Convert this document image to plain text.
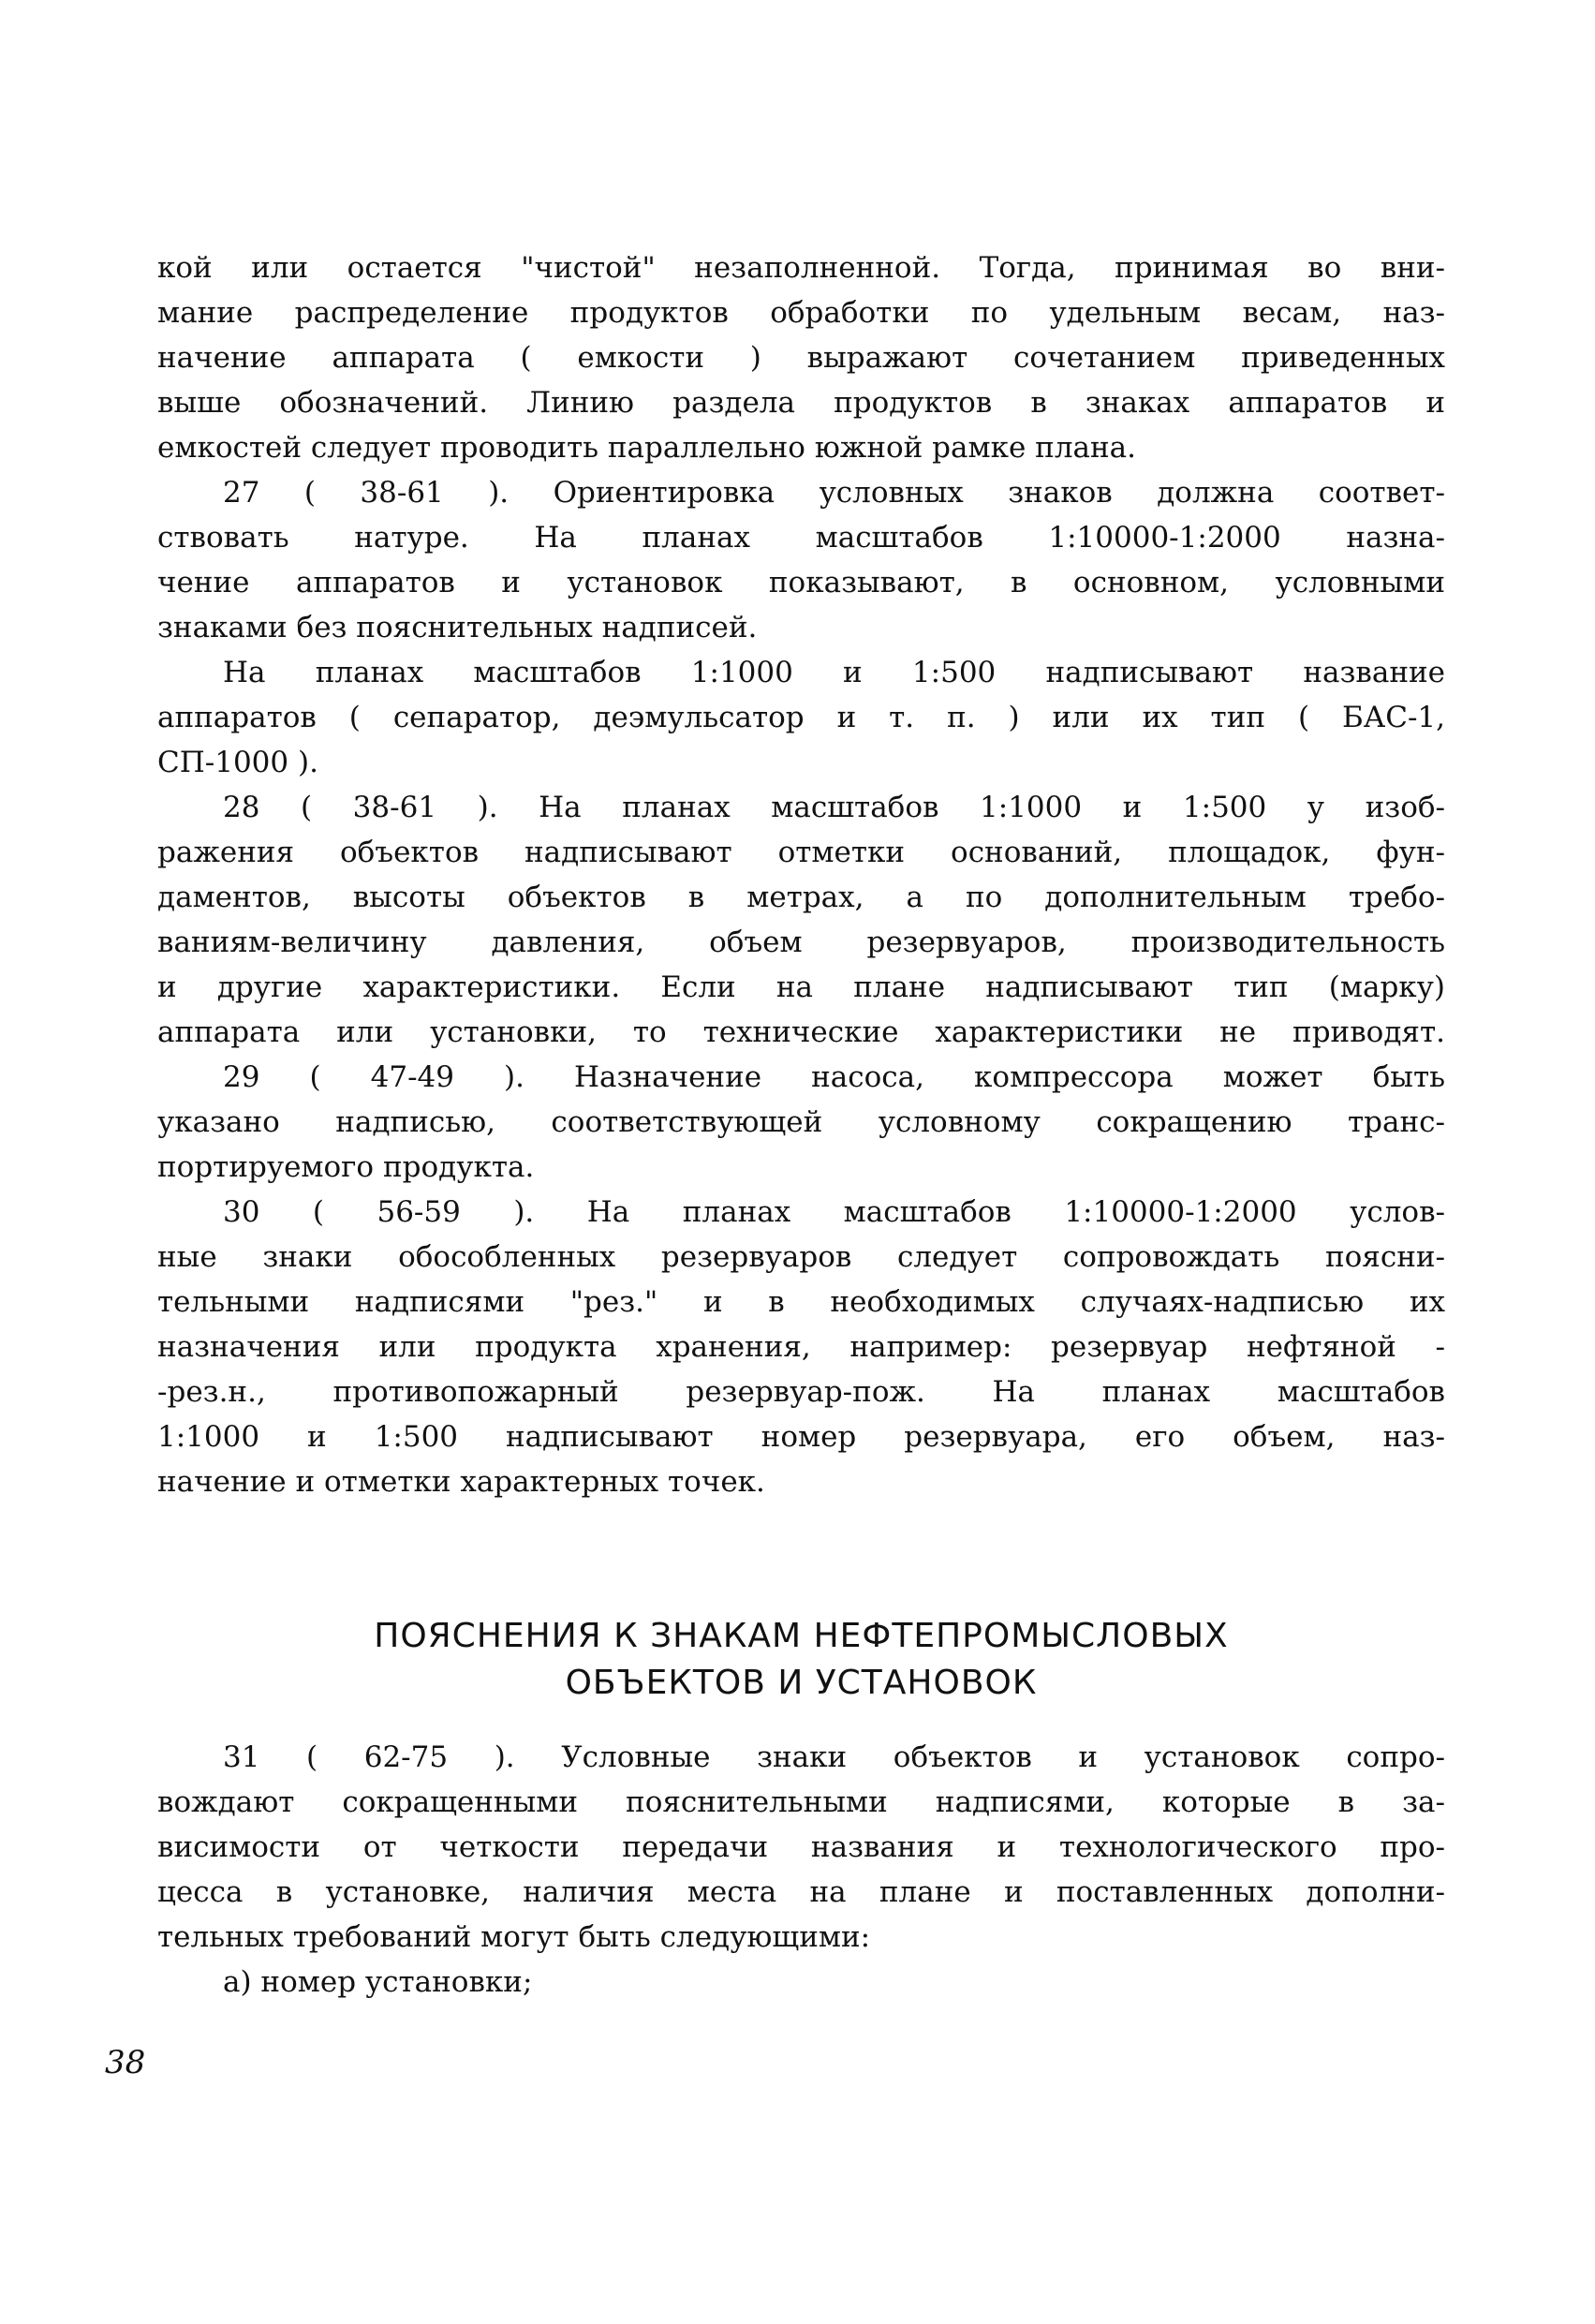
кой или остается "чистой" незаполненной. Тогда, принимая во вни-
мание распределение продуктов обработки по удельным весам, наз-
начение аппарата ( емкости ) выражают сочетанием приведенных
выше обозначений. Линию раздела продуктов в знаках аппаратов и
емкостей следует проводить параллельно южной рамке плана.
27 ( 38-61 ). Ориентировка условных знаков должна соответ-
ствовать натуре. На планах масштабов 1:10000-1:2000 назна-
чение аппаратов и установок показывают, в основном, условными
знаками без пояснительных надписей.
На планах масштабов 1:1000 и 1:500 надписывают название
аппаратов ( сепаратор, деэмульсатор и т. п. ) или их тип ( БАС-1,
СП-1000 ).
28 ( 38-61 ). На планах масштабов 1:1000 и 1:500 у изоб-
ражения объектов надписывают отметки оснований, площадок, фун-
даментов, высоты объектов в метрах, а по дополнительным требо-
ваниям-величину давления, объем резервуаров, производительность
и другие характеристики. Если на плане надписывают тип (марку)
аппарата или установки, то технические характеристики не приводят.
29 ( 47-49 ). Назначение насоса, компрессора может быть
указано надписью, соответствующей условному сокращению транс-
портируемого продукта.
30 ( 56-59 ). На планах масштабов 1:10000-1:2000 услов-
ные знаки обособленных резервуаров следует сопровождать поясни-
тельными надписями "рез." и в необходимых случаях-надписью их
назначения или продукта хранения, например: резервуар нефтяной -
-рез.н., противопожарный резервуар-пож. На планах масштабов
1:1000 и 1:500 надписывают номер резервуара, его объем, наз-
начение и отметки характерных точек.
ПОЯСНЕНИЯ К ЗНАКАМ НЕФТЕПРОМЫСЛОВЫХ
ОБЪЕКТОВ И УСТАНОВОК
31 ( 62-75 ). Условные знаки объектов и установок сопро-
вождают сокращенными пояснительными надписями, которые в за-
висимости от четкости передачи названия и технологического про-
цесса в установке, наличия места на плане и поставленных дополни-
тельных требований могут быть следующими:
а) номер установки;
38
